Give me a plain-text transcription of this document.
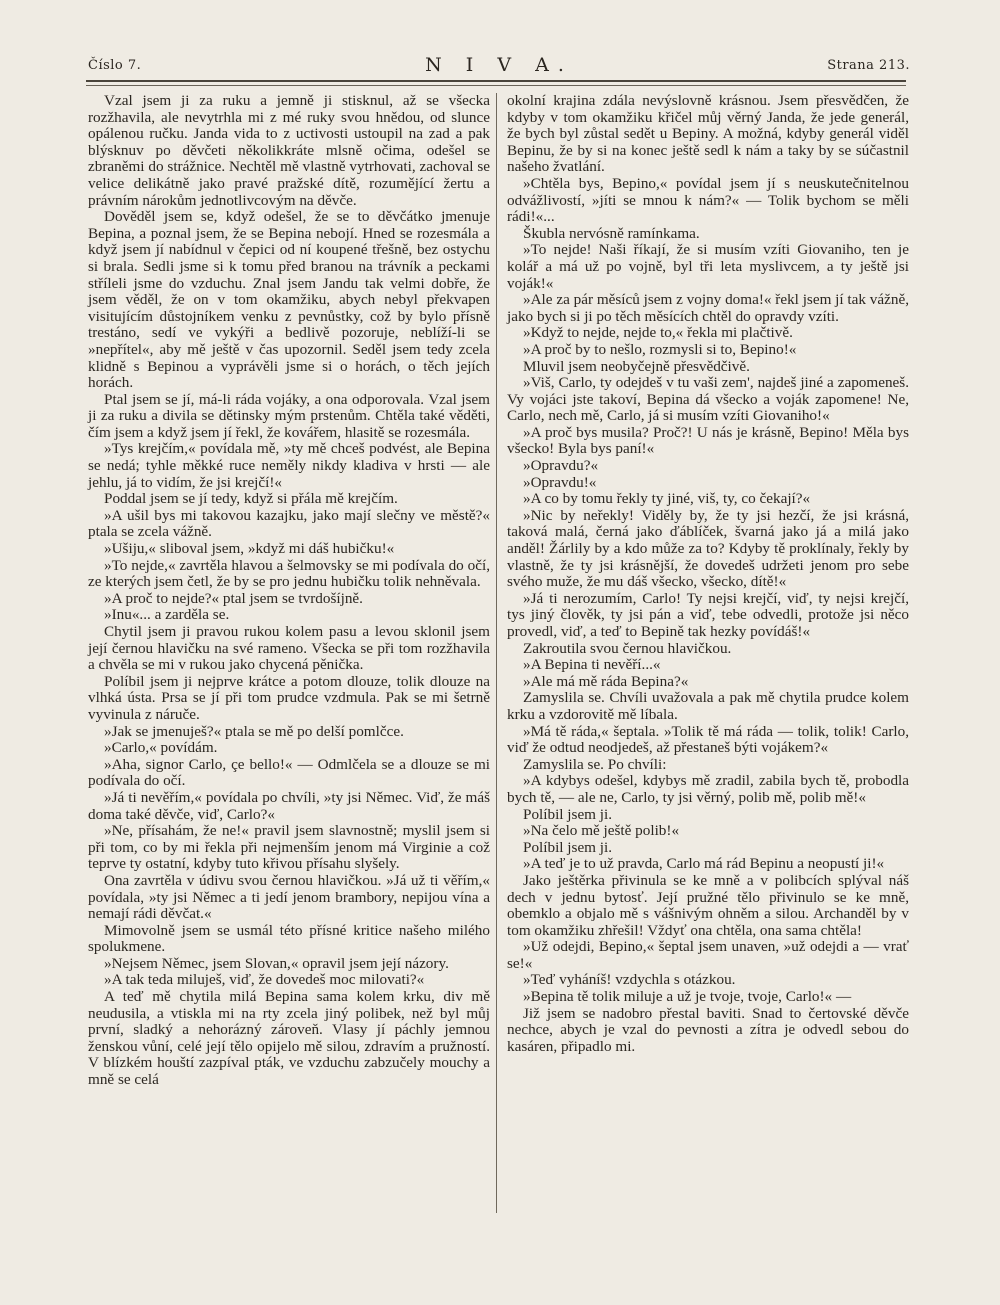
Číslo 7.	N I V A.	Strana 213.

Vzal jsem ji za ruku a jemně ji stisknul, až se všecka rozžhavila, ale nevytrhla mi z mé ruky svou hnědou, od slunce opálenou ručku. Janda vida to z uctivosti ustoupil na zad a pak blýsknuv po děvčeti několikkráte mlsně očima, odešel se zbraněmi do strážnice. Nechtěl mě vlastně vytrhovati, zachoval se velice delikátně jako pravé pražské dítě, rozumějící žertu a právním nárokům jednotlivcovým na děvče.

Dověděl jsem se, když odešel, že se to děvčátko jmenuje Bepina, a poznal jsem, že se Bepina nebojí. Hned se rozesmála a když jsem jí nabídnul v čepici od ní koupené třešně, bez ostychu si brala. Sedli jsme si k tomu před branou na trávník a peckami stříleli jsme do vzduchu. Znal jsem Jandu tak velmi dobře, že jsem věděl, že on v tom okamžiku, abych nebyl překvapen visitujícím důstojníkem venku z pevnůstky, což by bylo přísně trestáno, sedí ve vykýři a bedlivě pozoruje, neblíží-li se »nepřítel«, aby mě ještě v čas upozornil. Seděl jsem tedy zcela klidně s Bepinou a vyprávěli jsme si o horách, o těch jejích horách.

Ptal jsem se jí, má-li ráda vojáky, a ona odporovala. Vzal jsem ji za ruku a divila se dětinsky mým prstenům. Chtěla také věděti, čím jsem a když jsem jí řekl, že kovářem, hlasitě se rozesmála.

»Tys krejčím,« povídala mě, »ty mě chceš podvést, ale Bepina se nedá; tyhle měkké ruce neměly nikdy kladiva v hrsti — ale jehlu, já to vidím, že jsi krejčí!«

Poddal jsem se jí tedy, když si přála mě krejčím.

»A ušil bys mi takovou kazajku, jako mají slečny ve městě?« ptala se zcela vážně.

»Ušiju,« sliboval jsem, »když mi dáš hubičku!«

»To nejde,« zavrtěla hlavou a šelmovsky se mi podívala do očí, ze kterých jsem četl, že by se pro jednu hubičku tolik nehněvala.

»A proč to nejde?« ptal jsem se tvrdošíjně.

»Inu«... a zarděla se.

Chytil jsem ji pravou rukou kolem pasu a levou sklonil jsem její černou hlavičku na své rameno. Všecka se při tom rozžhavila a chvěla se mi v rukou jako chycená pěnička.

Políbil jsem ji nejprve krátce a potom dlouze, tolik dlouze na vlhká ústa. Prsa se jí při tom prudce vzdmula. Pak se mi šetrně vyvinula z náruče.

»Jak se jmenuješ?« ptala se mě po delší pomlčce.

»Carlo,« povídám.

»Aha, signor Carlo, çe bello!« — Odmlčela se a dlouze se mi podívala do očí.

»Já ti nevěřím,« povídala po chvíli, »ty jsi Němec. Viď, že máš doma také děvče, viď, Carlo?«

»Ne, přísahám, že ne!« pravil jsem slavnostně; myslil jsem si při tom, co by mi řekla při nejmenším jenom má Virginie a což teprve ty ostatní, kdyby tuto křivou přísahu slyšely.

Ona zavrtěla v údivu svou černou hlavičkou. »Já už ti věřím,« povídala, »ty jsi Němec a ti jedí jenom brambory, nepijou vína a nemají rádi děvčat.«

Mimovolně jsem se usmál této přísné kritice našeho milého spolukmene.

»Nejsem Němec, jsem Slovan,« opravil jsem její názory.

»A tak teda miluješ, viď, že dovedeš moc milovati?«

A teď mě chytila milá Bepina sama kolem krku, div mě neudusila, a vtiskla mi na rty zcela jiný polibek, než byl můj první, sladký a nehorázný zároveň. Vlasy jí páchly jemnou ženskou vůní, celé její tělo opijelo mě silou, zdravím a pružností. V blízkém houští zazpíval pták, ve vzduchu zabzučely mouchy a mně se celá

okolní krajina zdála nevýslovně krásnou. Jsem přesvědčen, že kdyby v tom okamžiku křičel můj věrný Janda, že jede generál, že bych byl zůstal sedět u Bepiny. A možná, kdyby generál viděl Bepinu, že by si na konec ještě sedl k nám a taky by se súčastnil našeho žvatlání.

»Chtěla bys, Bepino,« povídal jsem jí s neuskutečnitelnou odvážlivostí, »jíti se mnou k nám?« — Tolik bychom se měli rádi!«...

Škubla nervósně ramínkama.

»To nejde! Naši říkají, že si musím vzíti Giovaniho, ten je kolář a má už po vojně, byl tři leta myslivcem, a ty ještě jsi voják!«

»Ale za pár měsíců jsem z vojny doma!« řekl jsem jí tak vážně, jako bych si ji po těch měsících chtěl do opravdy vzíti.

»Když to nejde, nejde to,« řekla mi plačtivě.

»A proč by to nešlo, rozmysli si to, Bepino!«

Mluvil jsem neobyčejně přesvědčivě.

»Viš, Carlo, ty odejdeš v tu vaši zem', najdeš jiné a zapomeneš. Vy vojáci jste takoví, Bepina dá všecko a voják zapomene! Ne, Carlo, nech mě, Carlo, já si musím vzíti Giovaniho!«

»A proč bys musila? Proč?! U nás je krásně, Bepino! Měla bys všecko! Byla bys paní!«

»Opravdu?«

»Opravdu!«

»A co by tomu řekly ty jiné, viš, ty, co čekají?«

»Nic by neřekly! Viděly by, že ty jsi hezčí, že jsi krásná, taková malá, černá jako ďáblíček, švarná jako já a milá jako anděl! Žárlily by a kdo může za to? Kdyby tě proklínaly, řekly by vlastně, že ty jsi krásnější, že dovedeš udržeti jenom pro sebe svého muže, že mu dáš všecko, všecko, dítě!«

»Já ti nerozumím, Carlo! Ty nejsi krejčí, viď, ty nejsi krejčí, tys jiný člověk, ty jsi pán a viď, tebe odvedli, protože jsi něco provedl, viď, a teď to Bepině tak hezky povídáš!«

Zakroutila svou černou hlavičkou.

»A Bepina ti nevěří...«

»Ale má mě ráda Bepina?«

Zamyslila se. Chvíli uvažovala a pak mě chytila prudce kolem krku a vzdorovitě mě líbala.

»Má tě ráda,« šeptala. »Tolik tě má ráda — tolik, tolik! Carlo, viď že odtud neodjedeš, až přestaneš býti vojákem?«

Zamyslila se. Po chvíli:

»A kdybys odešel, kdybys mě zradil, zabila bych tě, probodla bych tě, — ale ne, Carlo, ty jsi věrný, polib mě, polib mě!«

Políbil jsem ji.

»Na čelo mě ještě polib!«

Políbil jsem ji.

»A teď je to už pravda, Carlo má rád Bepinu a neopustí ji!«

Jako ještěrka přivinula se ke mně a v polibcích splýval náš dech v jednu bytosť. Její pružné tělo přivinulo se ke mně, obemklo a objalo mě s vášnivým ohněm a silou. Archanděl by v tom okamžiku zhřešil! Vždyť ona chtěla, ona sama chtěla!

»Už odejdi, Bepino,« šeptal jsem unaven, »už odejdi a — vrať se!«

»Teď vyháníš! vzdychla s otázkou.

»Bepina tě tolik miluje a už je tvoje, tvoje, Carlo!« —

Již jsem se nadobro přestal baviti. Snad to čertovské děvče nechce, abych je vzal do pevnosti a zítra je odvedl sebou do kasáren, připadlo mi.
